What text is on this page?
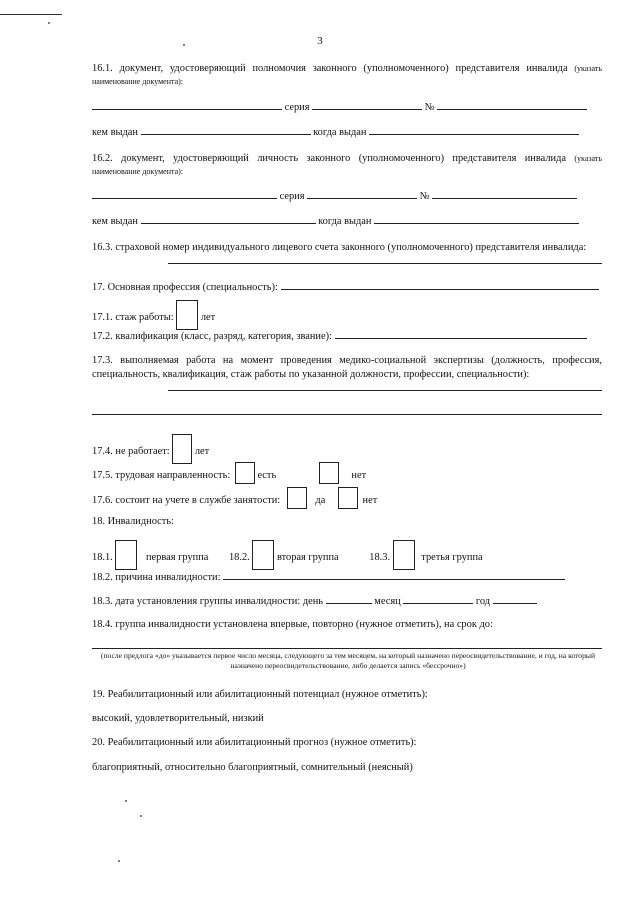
3
16.1. документ, удостоверяющий полномочия законного (уполномоченного) представителя инвалида (указать наименование документа):
серия	№
кем выдан	когда выдан
16.2. документ, удостоверяющий личность законного (уполномоченного) представителя инвалида (указать наименование документа):
серия	№
кем выдан	когда выдан
16.3. страховой номер индивидуального лицевого счета законного (уполномоченного) представителя инвалида:
17. Основная профессия (специальность):
17.1. стаж работы:	лет
17.2. квалификация (класс, разряд, категория, звание):
17.3. выполняемая работа на момент проведения медико-социальной экспертизы (должность, профессия, специальность, квалификация, стаж работы по указанной должности, профессии, специальности):
17.4. не работает: лет
17.5. трудовая направленность:	есть	нет
17.6. состоит на учете в службе занятости:	да	нет
18. Инвалидность:
18.1.	первая группа 18.2.	вторая группа	18.3.	третья группа
18.2. причина инвалидности:
18.3. дата установления группы инвалидности: день	месяц	год
18.4. группа инвалидности установлена впервые, повторно (нужное отметить), на срок до:
(после предлога «до» указывается первое число месяца, следующего за тем месяцем, на который назначено переосвидетельствование, и год, на который назначено переосвидетельствование, либо делается запись «бессрочно»)
19. Реабилитационный или абилитационный потенциал (нужное отметить):
высокий, удовлетворительный, низкий
20. Реабилитационный или абилитационный прогноз (нужное отметить):
благоприятный, относительно благоприятный, сомнительный (неясный)
